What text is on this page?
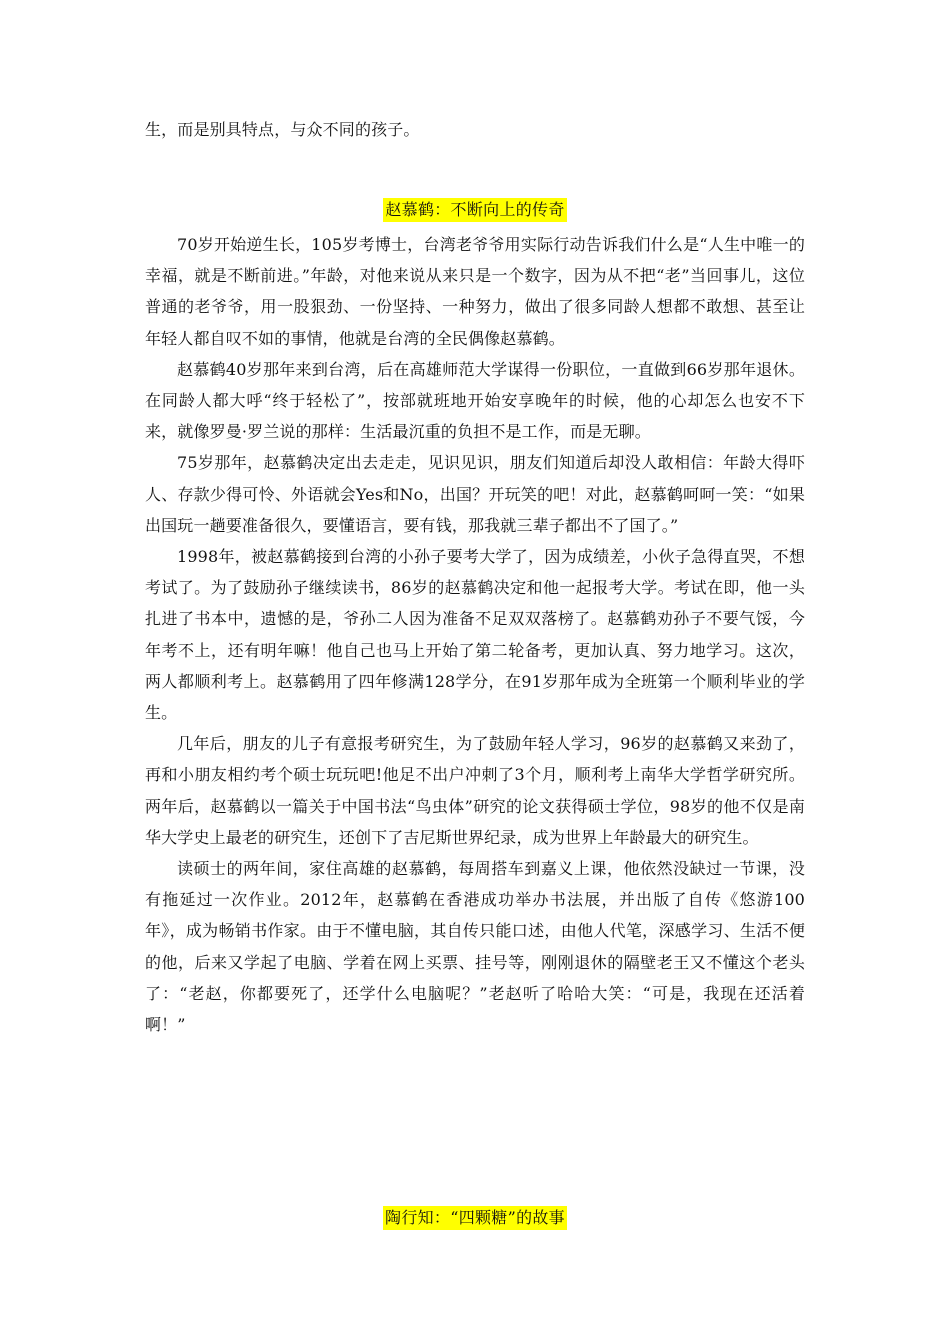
生，而是别具特点，与众不同的孩子。

赵慕鹤：不断向上的传奇

70岁开始逆生长，105岁考博士，台湾老爷爷用实际行动告诉我们什么是“人生中唯一的幸福，就是不断前进。”年龄，对他来说从来只是一个数字，因为从不把“老”当回事儿，这位普通的老爷爷，用一股狠劲、一份坚持、一种努力，做出了很多同龄人想都不敢想、甚至让年轻人都自叹不如的事情，他就是台湾的全民偶像赵慕鹤。

赵慕鹤40岁那年来到台湾，后在高雄师范大学谋得一份职位，一直做到66岁那年退休。在同龄人都大呼“终于轻松了”，按部就班地开始安享晚年的时候，他的心却怎么也安不下来，就像罗曼·罗兰说的那样：生活最沉重的负担不是工作，而是无聊。

75岁那年，赵慕鹤决定出去走走，见识见识，朋友们知道后却没人敢相信：年龄大得吓人、存款少得可怜、外语就会Yes和No，出国？开玩笑的吧！对此，赵慕鹤呵呵一笑：“如果出国玩一趟要准备很久，要懂语言，要有钱，那我就三辈子都出不了国了。”

1998年，被赵慕鹤接到台湾的小孙子要考大学了，因为成绩差，小伙子急得直哭，不想考试了。为了鼓励孙子继续读书，86岁的赵慕鹤决定和他一起报考大学。考试在即，他一头扎进了书本中，遗憾的是，爷孙二人因为准备不足双双落榜了。赵慕鹤劝孙子不要气馁，今年考不上，还有明年嘛！他自己也马上开始了第二轮备考，更加认真、努力地学习。这次，两人都顺利考上。赵慕鹤用了四年修满128学分，在91岁那年成为全班第一个顺利毕业的学生。

几年后，朋友的儿子有意报考研究生，为了鼓励年轻人学习，96岁的赵慕鹤又来劲了，再和小朋友相约考个硕士玩玩吧!他足不出户冲刺了3个月，顺利考上南华大学哲学研究所。两年后，赵慕鹤以一篇关于中国书法“鸟虫体”研究的论文获得硕士学位，98岁的他不仅是南华大学史上最老的研究生，还创下了吉尼斯世界纪录，成为世界上年龄最大的研究生。

读硕士的两年间，家住高雄的赵慕鹤，每周搭车到嘉义上课，他依然没缺过一节课，没有拖延过一次作业。2012年，赵慕鹤在香港成功举办书法展，并出版了自传《悠游100年》，成为畅销书作家。由于不懂电脑，其自传只能口述，由他人代笔，深感学习、生活不便的他，后来又学起了电脑、学着在网上买票、挂号等，刚刚退休的隔壁老王又不懂这个老头了：“老赵，你都要死了，还学什么电脑呢？”老赵听了哈哈大笑：“可是，我现在还活着啊！”

陶行知：“四颗糖”的故事
